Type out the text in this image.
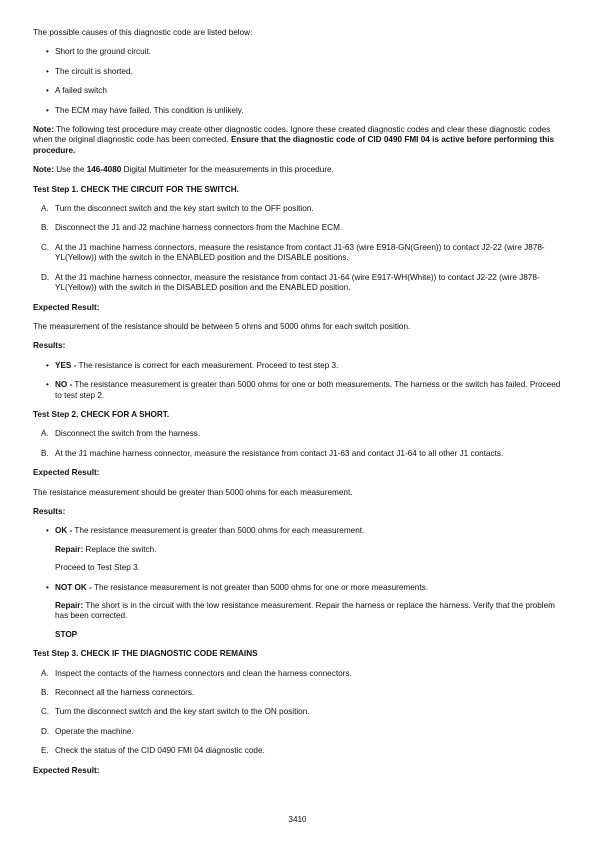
The possible causes of this diagnostic code are listed below:

• Short to the ground circuit.
• The circuit is shorted.
• A failed switch
• The ECM may have failed. This condition is unlikely.

Note: The following test procedure may create other diagnostic codes. Ignore these created diagnostic codes and clear these diagnostic codes when the original diagnostic code has been corrected. Ensure that the diagnostic code of CID 0490 FMI 04 is active before performing this procedure.

Note: Use the 146-4080 Digital Multimeter for the measurements in this procedure.

Test Step 1. CHECK THE CIRCUIT FOR THE SWITCH.

A. Turn the disconnect switch and the key start switch to the OFF position.
B. Disconnect the J1 and J2 machine harness connectors from the Machine ECM.
C. At the J1 machine harness connectors, measure the resistance from contact J1-63 (wire E918-GN(Green)) to contact J2-22 (wire J878-YL(Yellow)) with the switch in the ENABLED position and the DISABLE positions.
D. At the J1 machine harness connector, measure the resistance from contact J1-64 (wire E917-WH(White)) to contact J2-22 (wire J878-YL(Yellow)) with the switch in the DISABLED position and the ENABLED position.

Expected Result:

The measurement of the resistance should be between 5 ohms and 5000 ohms for each switch position.

Results:

• YES - The resistance is correct for each measurement. Proceed to test step 3.
• NO - The resistance measurement is greater than 5000 ohms for one or both measurements. The harness or the switch has failed. Proceed to test step 2.

Test Step 2. CHECK FOR A SHORT.

A. Disconnect the switch from the harness.
B. At the J1 machine harness connector, measure the resistance from contact J1-63 and contact J1-64 to all other J1 contacts.

Expected Result:

The resistance measurement should be greater than 5000 ohms for each measurement.

Results:

• OK - The resistance measurement is greater than 5000 ohms for each measurement.

Repair: Replace the switch.

Proceed to Test Step 3.

• NOT OK - The resistance measurement is not greater than 5000 ohms for one or more measurements.

Repair: The short is in the circuit with the low resistance measurement. Repair the harness or replace the harness. Verify that the problem has been corrected.

STOP

Test Step 3. CHECK IF THE DIAGNOSTIC CODE REMAINS

A. Inspect the contacts of the harness connectors and clean the harness connectors.
B. Reconnect all the harness connectors.
C. Turn the disconnect switch and the key start switch to the ON position.
D. Operate the machine.
E. Check the status of the CID 0490 FMI 04 diagnostic code.

Expected Result:

3410
